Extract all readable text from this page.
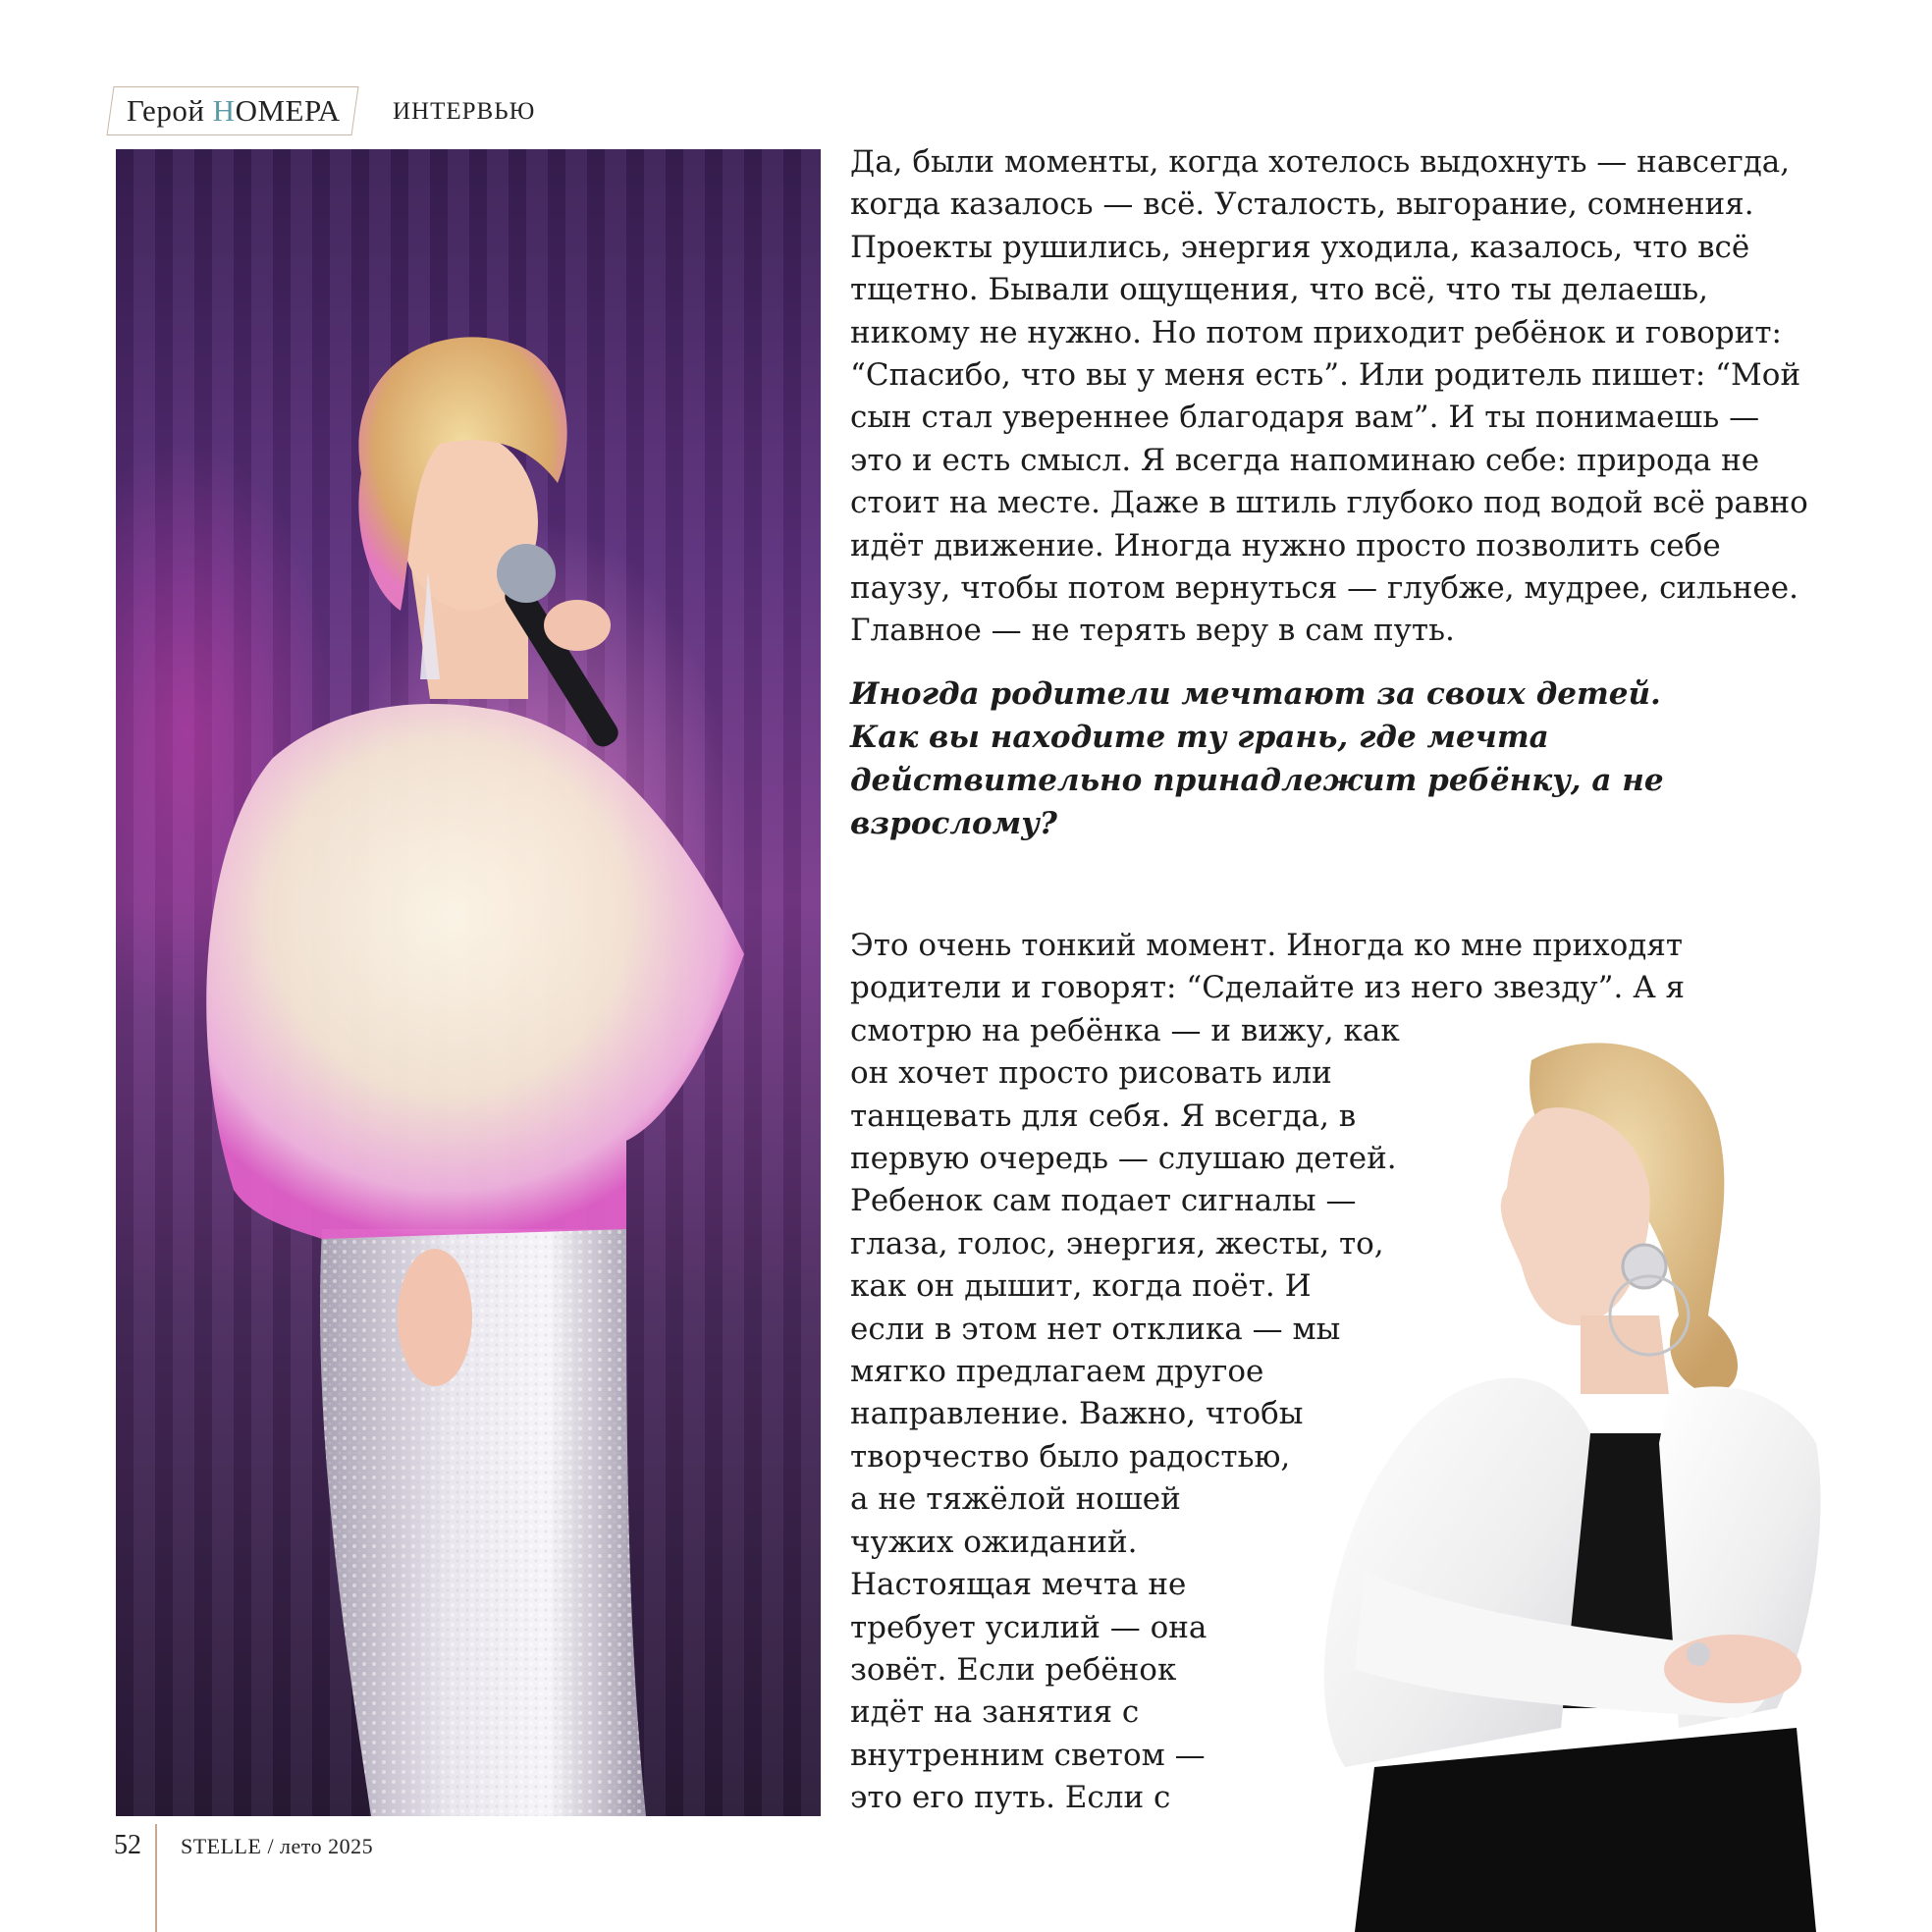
Герой НОМЕРА ИНТЕРВЬЮ

Да, были моменты, когда хотелось выдохнуть — навсегда, когда казалось — всё. Усталость, выгорание, сомнения. Проекты рушились, энергия уходила, казалось, что всё тщетно. Бывали ощущения, что всё, что ты делаешь, никому не нужно. Но потом приходит ребёнок и говорит: “Спасибо, что вы у меня есть”. Или родитель пишет: “Мой сын стал увереннее благодаря вам”. И ты понимаешь — это и есть смысл. Я всегда напоминаю себе: природа не стоит на месте. Даже в штиль глубоко под водой всё равно идёт движение. Иногда нужно просто позволить себе паузу, чтобы потом вернуться — глубже, мудрее, сильнее. Главное — не терять веру в сам путь.

Иногда родители мечтают за своих детей. Как вы находите ту грань, где мечта действительно принадлежит ребёнку, а не взрослому?

Это очень тонкий момент. Иногда ко мне приходят
родители и говорят: “Сделайте из него звезду”. А я
смотрю на ребёнка — и вижу, как
он хочет просто рисовать или
танцевать для себя. Я всегда, в
первую очередь — слушаю детей.
Ребенок сам подает сигналы —
глаза, голос, энергия, жесты, то,
как он дышит, когда поёт. И
если в этом нет отклика — мы
мягко предлагаем другое
направление. Важно, чтобы
творчество было радостью,
а не тяжёлой ношей
чужих ожиданий.
Настоящая мечта не
требует усилий — она
зовёт. Если ребёнок
идёт на занятия с
внутренним светом —
это его путь. Если с
52 STELLE / лето 2025
